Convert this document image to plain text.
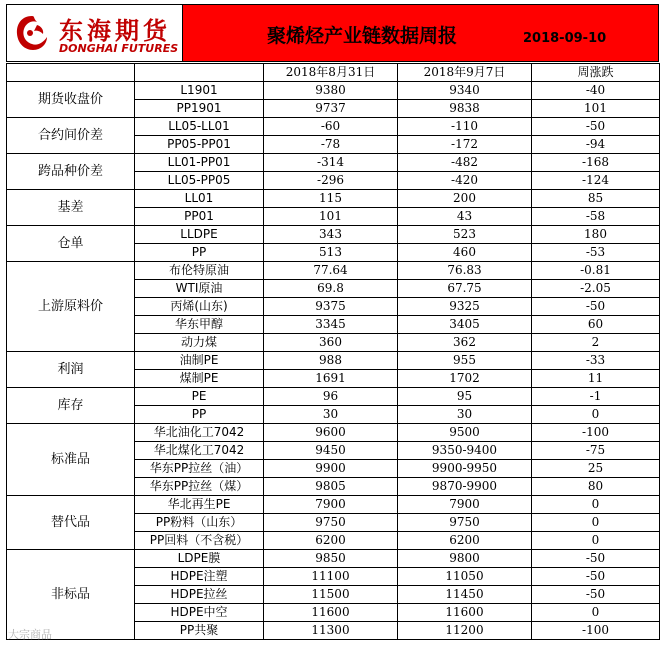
东海期货
DONGHAI FUTURES
聚烯烃产业链数据周报	2018-09-10
		2018年8月31日	2018年9月7日	周涨跌
期货收盘价	L1901	9380	9340	-40
	PP1901	9737	9838	101
合约间价差	LL05-LL01	-60	-110	-50
	PP05-PP01	-78	-172	-94
跨品种价差	LL01-PP01	-314	-482	-168
	LL05-PP05	-296	-420	-124
基差	LL01	115	200	85
	PP01	101	43	-58
仓单	LLDPE	343	523	180
	PP	513	460	-53
上游原料价	布伦特原油	77.64	76.83	-0.81
	WTI原油	69.8	67.75	-2.05
	丙烯(山东)	9375	9325	-50
	华东甲醇	3345	3405	60
	动力煤	360	362	2
利润	油制PE	988	955	-33
	煤制PE	1691	1702	11
库存	PE	96	95	-1
	PP	30	30	0
标准品	华北油化工7042	9600	9500	-100
	华北煤化工7042	9450	9350-9400	-75
	华东PP拉丝（油）	9900	9900-9950	25
	华东PP拉丝（煤）	9805	9870-9900	80
替代品	华北再生PE	7900	7900	0
	PP粉料（山东）	9750	9750	0
	PP回料（不含税）	6200	6200	0
非标品	LDPE膜	9850	9800	-50
	HDPE注塑	11100	11050	-50
	HDPE拉丝	11500	11450	-50
	HDPE中空	11600	11600	0
	PP共聚	11300	11200	-100
大宗商品
